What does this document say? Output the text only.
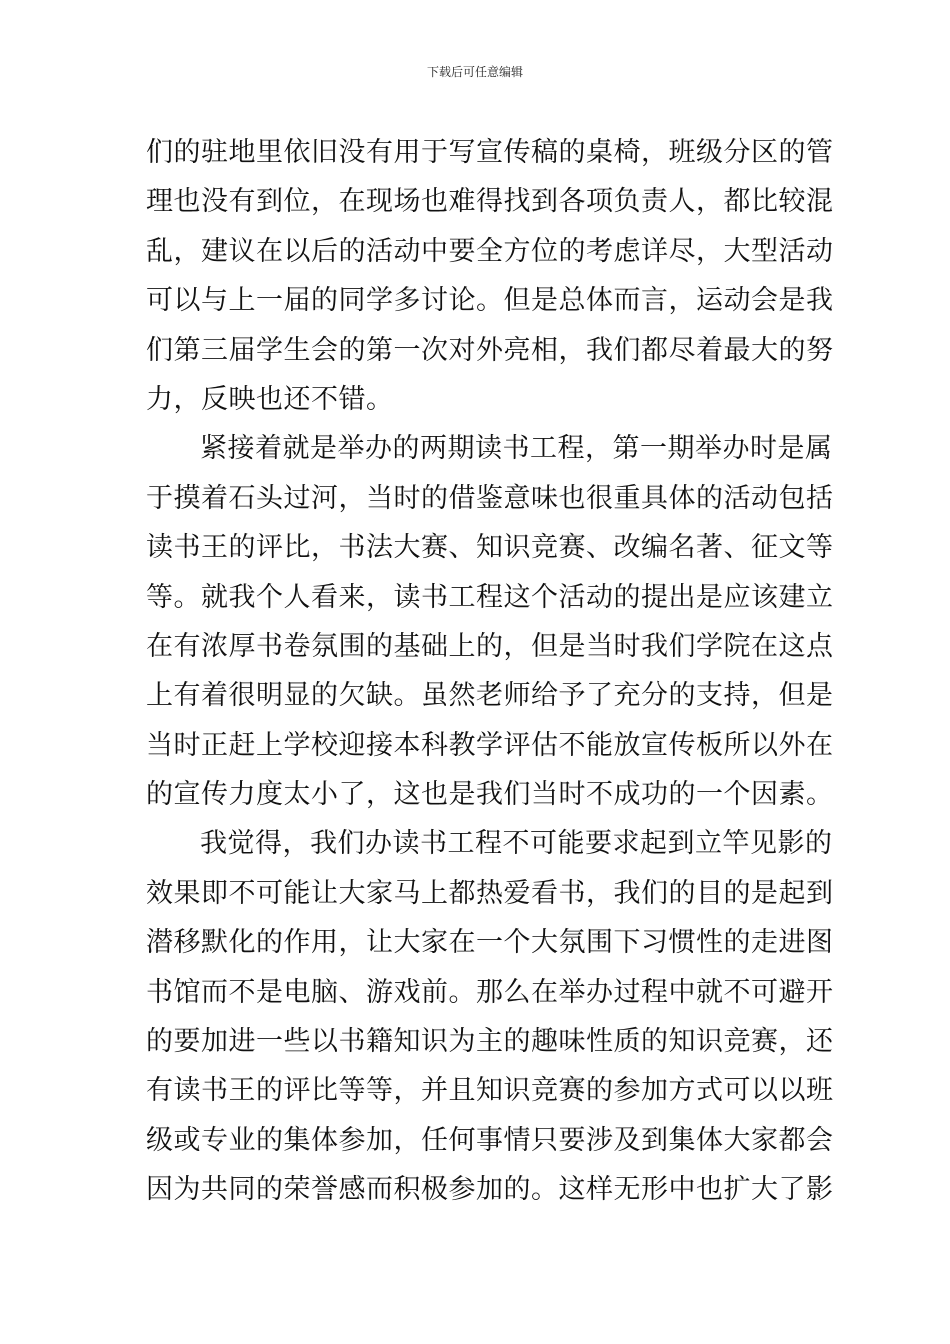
下载后可任意编辑
们的驻地里依旧没有用于写宣传稿的桌椅，班级分区的管
理也没有到位，在现场也难得找到各项负责人，都比较混
乱，建议在以后的活动中要全方位的考虑详尽，大型活动
可以与上一届的同学多讨论。但是总体而言，运动会是我
们第三届学生会的第一次对外亮相，我们都尽着最大的努
力，反映也还不错。
紧接着就是举办的两期读书工程，第一期举办时是属
于摸着石头过河，当时的借鉴意味也很重具体的活动包括
读书王的评比，书法大赛、知识竞赛、改编名著、征文等
等。就我个人看来，读书工程这个活动的提出是应该建立
在有浓厚书卷氛围的基础上的，但是当时我们学院在这点
上有着很明显的欠缺。虽然老师给予了充分的支持，但是
当时正赶上学校迎接本科教学评估不能放宣传板所以外在
的宣传力度太小了，这也是我们当时不成功的一个因素。
我觉得，我们办读书工程不可能要求起到立竿见影的
效果即不可能让大家马上都热爱看书，我们的目的是起到
潜移默化的作用，让大家在一个大氛围下习惯性的走进图
书馆而不是电脑、游戏前。那么在举办过程中就不可避开
的要加进一些以书籍知识为主的趣味性质的知识竞赛，还
有读书王的评比等等，并且知识竞赛的参加方式可以以班
级或专业的集体参加，任何事情只要涉及到集体大家都会
因为共同的荣誉感而积极参加的。这样无形中也扩大了影
